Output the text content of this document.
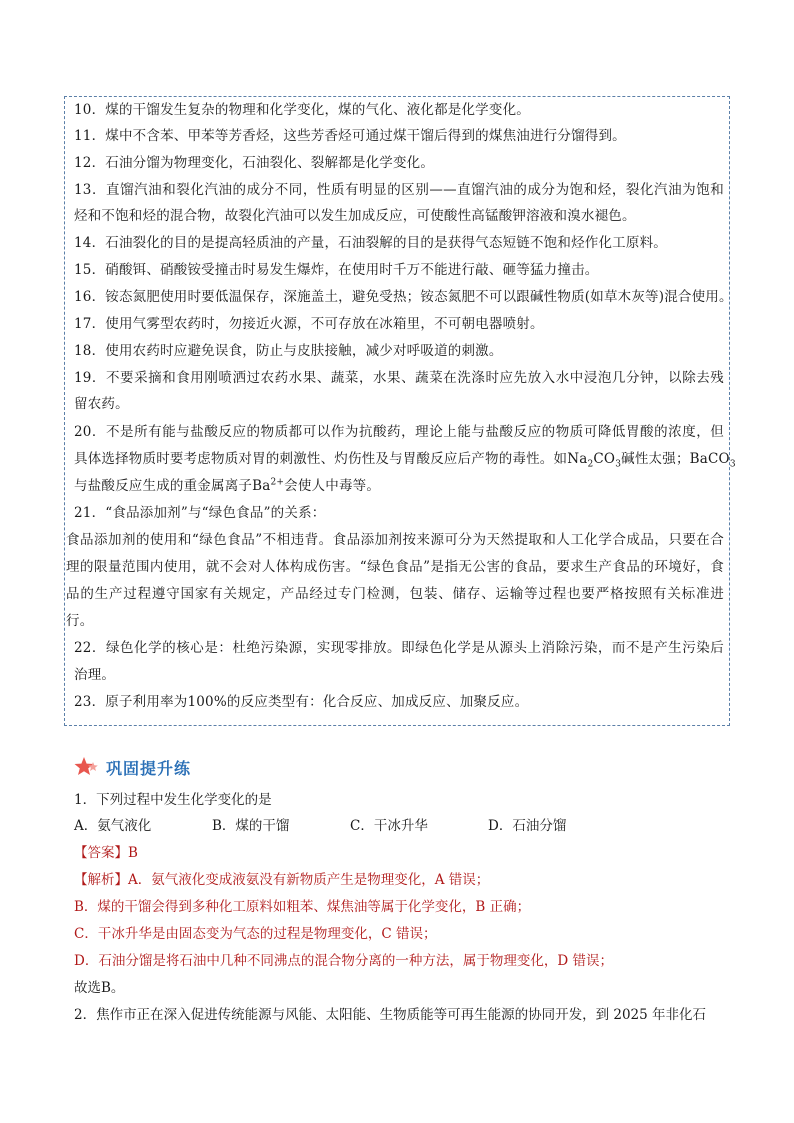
10．煤的干馏发生复杂的物理和化学变化，煤的气化、液化都是化学变化。
11．煤中不含苯、甲苯等芳香烃，这些芳香烃可通过煤干馏后得到的煤焦油进行分馏得到。
12．石油分馏为物理变化，石油裂化、裂解都是化学变化。
13．直馏汽油和裂化汽油的成分不同，性质有明显的区别——直馏汽油的成分为饱和烃，裂化汽油为饱和
烃和不饱和烃的混合物，故裂化汽油可以发生加成反应，可使酸性高锰酸钾溶液和溴水褪色。
14．石油裂化的目的是提高轻质油的产量，石油裂解的目的是获得气态短链不饱和烃作化工原料。
15．硝酸铒、硝酸铵受撞击时易发生爆炸，在使用时千万不能进行敲、砸等猛力撞击。
16．铵态氮肥使用时要低温保存，深施盖土，避免受热；铵态氮肥不可以跟碱性物质(如草木灰等)混合使用。
17．使用气雾型农药时，勿接近火源，不可存放在冰箱里，不可朝电器喷射。
18．使用农药时应避免误食，防止与皮肤接触，减少对呼吸道的刺激。
19．不要采摘和食用刚喷洒过农药水果、蔬菜，水果、蔬菜在洗涤时应先放入水中浸泡几分钟，以除去残
留农药。
20．不是所有能与盐酸反应的物质都可以作为抗酸药，理论上能与盐酸反应的物质可降低胃酸的浓度，但
具体选择物质时要考虑物质对胃的刺激性、灼伤性及与胃酸反应后产物的毒性。如$Na_2CO_3$碱性太强；BaCO$_3$
与盐酸反应生成的重金属离子$Ba^{2+}$会使人中毒等。
21．“食品添加剂”与“绿色食品”的关系：
食品添加剂的使用和“绿色食品”不相违背。食品添加剂按来源可分为天然提取和人工化学合成品，只要在合
理的限量范围内使用，就不会对人体构成伤害。“绿色食品”是指无公害的食品，要求生产食品的环境好，食
品的生产过程遵守国家有关规定，产品经过专门检测，包装、储存、运输等过程也要严格按照有关标准进
行。
22．绿色化学的核心是：杜绝污染源，实现零排放。即绿色化学是从源头上消除污染，而不是产生污染后
治理。
23．原子利用率为100%的反应类型有：化合反应、加成反应、加聚反应。
巩固提升练
1．下列过程中发生化学变化的是
A．氨气液化	B．煤的干馏	C．干冰升华	D．石油分馏
【答案】B
【解析】A．氨气液化变成液氨没有新物质产生是物理变化，A 错误；
B．煤的干馏会得到多种化工原料如粗苯、煤焦油等属于化学变化，B 正确；
C．干冰升华是由固态变为气态的过程是物理变化，C 错误；
D．石油分馏是将石油中几种不同沸点的混合物分离的一种方法，属于物理变化，D 错误；
故选B。
2．焦作市正在深入促进传统能源与风能、太阳能、生物质能等可再生能源的协同开发，到 2025 年非化石
